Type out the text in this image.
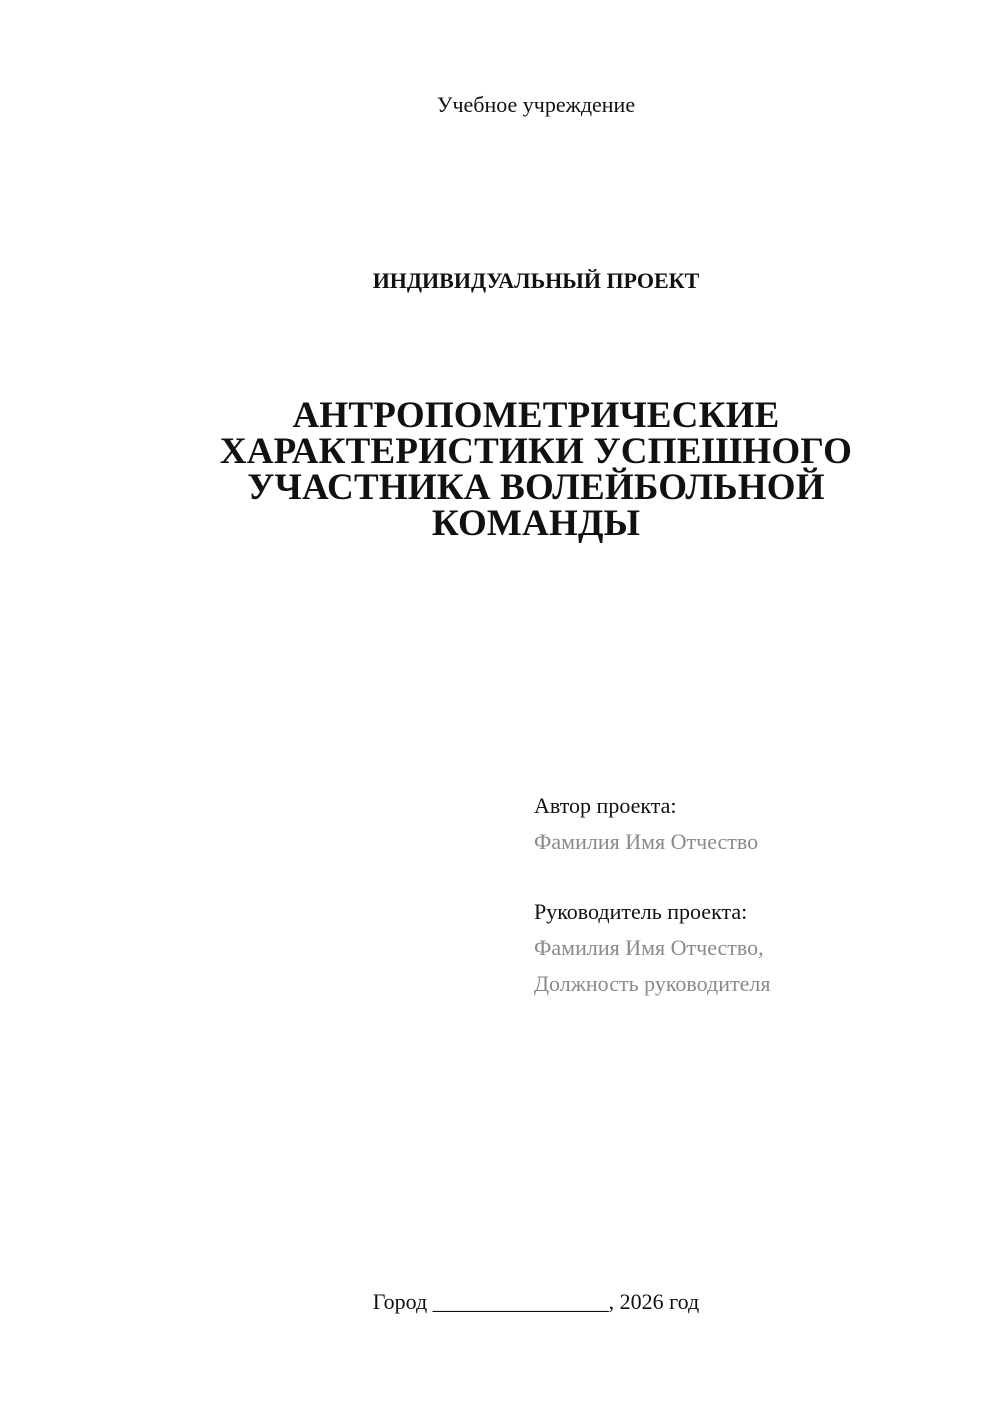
Учебное учреждение
ИНДИВИДУАЛЬНЫЙ ПРОЕКТ
АНТРОПОМЕТРИЧЕСКИЕ
ХАРАКТЕРИСТИКИ УСПЕШНОГО
УЧАСТНИКА ВОЛЕЙБОЛЬНОЙ
КОМАНДЫ
Автор проекта:
Фамилия Имя Отчество
Руководитель проекта:
Фамилия Имя Отчество,
Должность руководителя
Город ________________, 2026 год
